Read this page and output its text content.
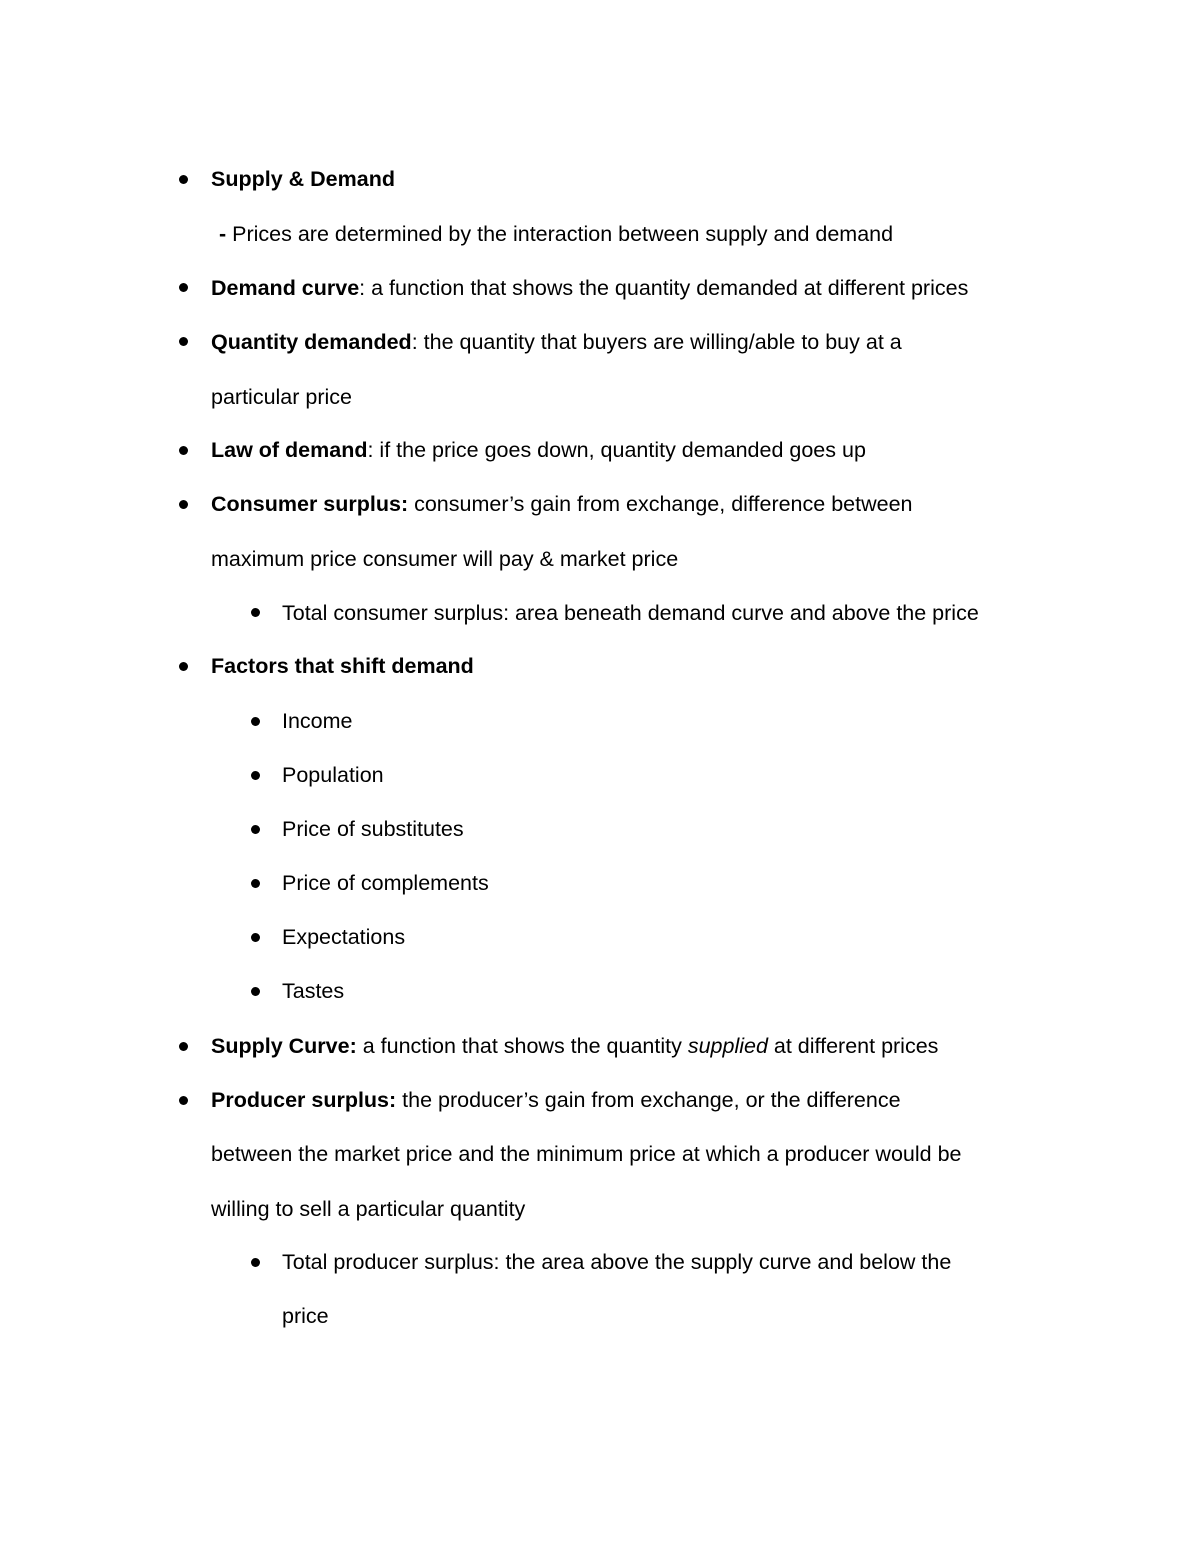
Supply & Demand
- Prices are determined by the interaction between supply and demand
Demand curve: a function that shows the quantity demanded at different prices
Quantity demanded: the quantity that buyers are willing/able to buy at a
particular price
Law of demand: if the price goes down, quantity demanded goes up
Consumer surplus: consumer’s gain from exchange, difference between
maximum price consumer will pay & market price
Total consumer surplus: area beneath demand curve and above the price
Factors that shift demand
Income
Population
Price of substitutes
Price of complements
Expectations
Tastes
Supply Curve: a function that shows the quantity supplied at different prices
Producer surplus: the producer’s gain from exchange, or the difference
between the market price and the minimum price at which a producer would be
willing to sell a particular quantity
Total producer surplus: the area above the supply curve and below the
price
